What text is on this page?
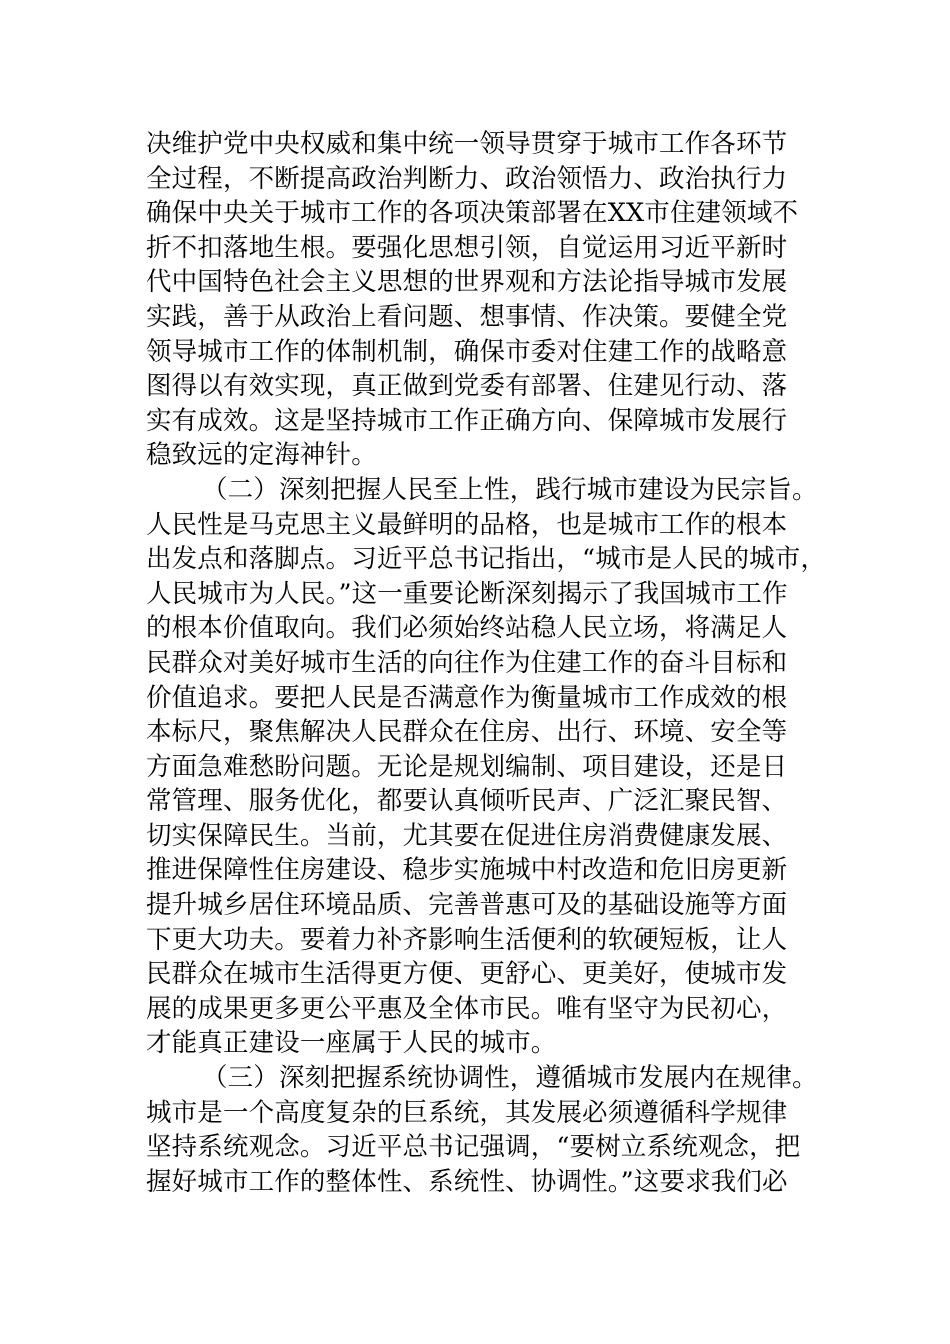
决维护党中央权威和集中统一领导贯穿于城市工作各环节
全过程，不断提高政治判断力、政治领悟力、政治执行力
确保中央关于城市工作的各项决策部署在XX市住建领域不
折不扣落地生根。要强化思想引领，自觉运用习近平新时
代中国特色社会主义思想的世界观和方法论指导城市发展
实践，善于从政治上看问题、想事情、作决策。要健全党
领导城市工作的体制机制，确保市委对住建工作的战略意
图得以有效实现，真正做到党委有部署、住建见行动、落
实有成效。这是坚持城市工作正确方向、保障城市发展行
稳致远的定海神针。
（二）深刻把握人民至上性，践行城市建设为民宗旨。
人民性是马克思主义最鲜明的品格，也是城市工作的根本
出发点和落脚点。习近平总书记指出，“城市是人民的城市，
人民城市为人民。”这一重要论断深刻揭示了我国城市工作
的根本价值取向。我们必须始终站稳人民立场，将满足人
民群众对美好城市生活的向往作为住建工作的奋斗目标和
价值追求。要把人民是否满意作为衡量城市工作成效的根
本标尺，聚焦解决人民群众在住房、出行、环境、安全等
方面急难愁盼问题。无论是规划编制、项目建设，还是日
常管理、服务优化，都要认真倾听民声、广泛汇聚民智、
切实保障民生。当前，尤其要在促进住房消费健康发展、
推进保障性住房建设、稳步实施城中村改造和危旧房更新
提升城乡居住环境品质、完善普惠可及的基础设施等方面
下更大功夫。要着力补齐影响生活便利的软硬短板，让人
民群众在城市生活得更方便、更舒心、更美好，使城市发
展的成果更多更公平惠及全体市民。唯有坚守为民初心，
才能真正建设一座属于人民的城市。
（三）深刻把握系统协调性，遵循城市发展内在规律。
城市是一个高度复杂的巨系统，其发展必须遵循科学规律
坚持系统观念。习近平总书记强调，“要树立系统观念，把
握好城市工作的整体性、系统性、协调性。”这要求我们必
